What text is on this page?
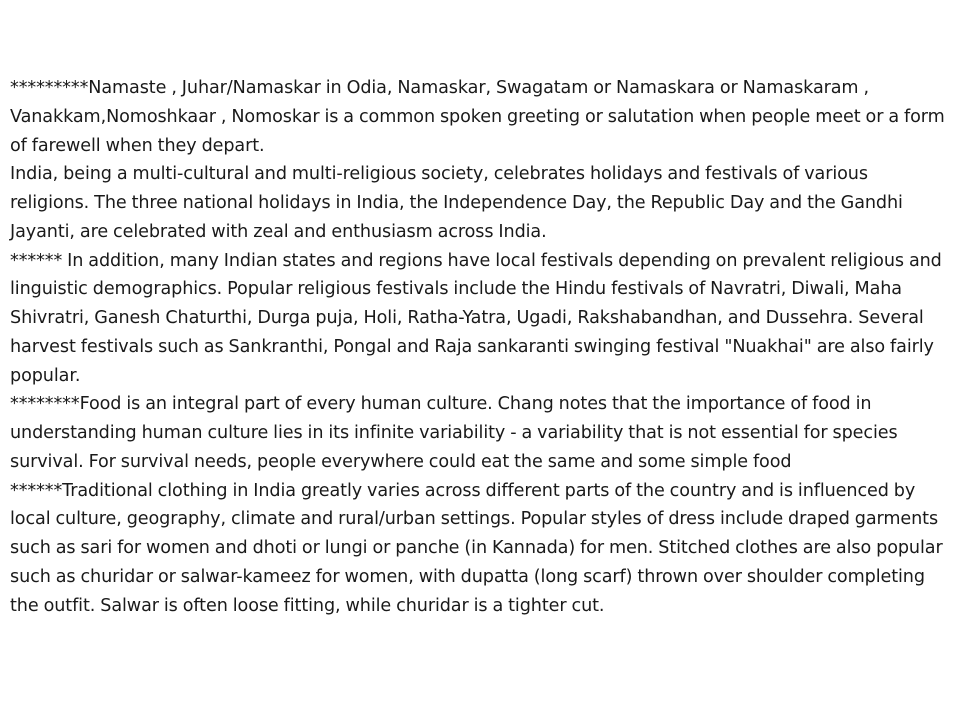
*********Namaste , Juhar/Namaskar in Odia, Namaskar, Swagatam or Namaskara or Namaskaram , Vanakkam,Nomoshkaar , Nomoskar is a common spoken greeting or salutation when people meet or a form of farewell when they depart.

India, being a multi-cultural and multi-religious society, celebrates holidays and festivals of various religions. The three national holidays in India, the Independence Day, the Republic Day and the Gandhi Jayanti, are celebrated with zeal and enthusiasm across India.

****** In addition, many Indian states and regions have local festivals depending on prevalent religious and linguistic demographics. Popular religious festivals include the Hindu festivals of Navratri, Diwali, Maha Shivratri, Ganesh Chaturthi, Durga puja, Holi, Ratha-Yatra, Ugadi, Rakshabandhan, and Dussehra. Several harvest festivals such as Sankranthi, Pongal and Raja sankaranti swinging festival "Nuakhai" are also fairly popular.

********Food is an integral part of every human culture. Chang notes that the importance of food in understanding human culture lies in its infinite variability - a variability that is not essential for species survival. For survival needs, people everywhere could eat the same and some simple food

******Traditional clothing in India greatly varies across different parts of the country and is influenced by local culture, geography, climate and rural/urban settings. Popular styles of dress include draped garments such as sari for women and dhoti or lungi or panche (in Kannada) for men. Stitched clothes are also popular such as churidar or salwar-kameez for women, with dupatta (long scarf) thrown over shoulder completing the outfit. Salwar is often loose fitting, while churidar is a tighter cut.
